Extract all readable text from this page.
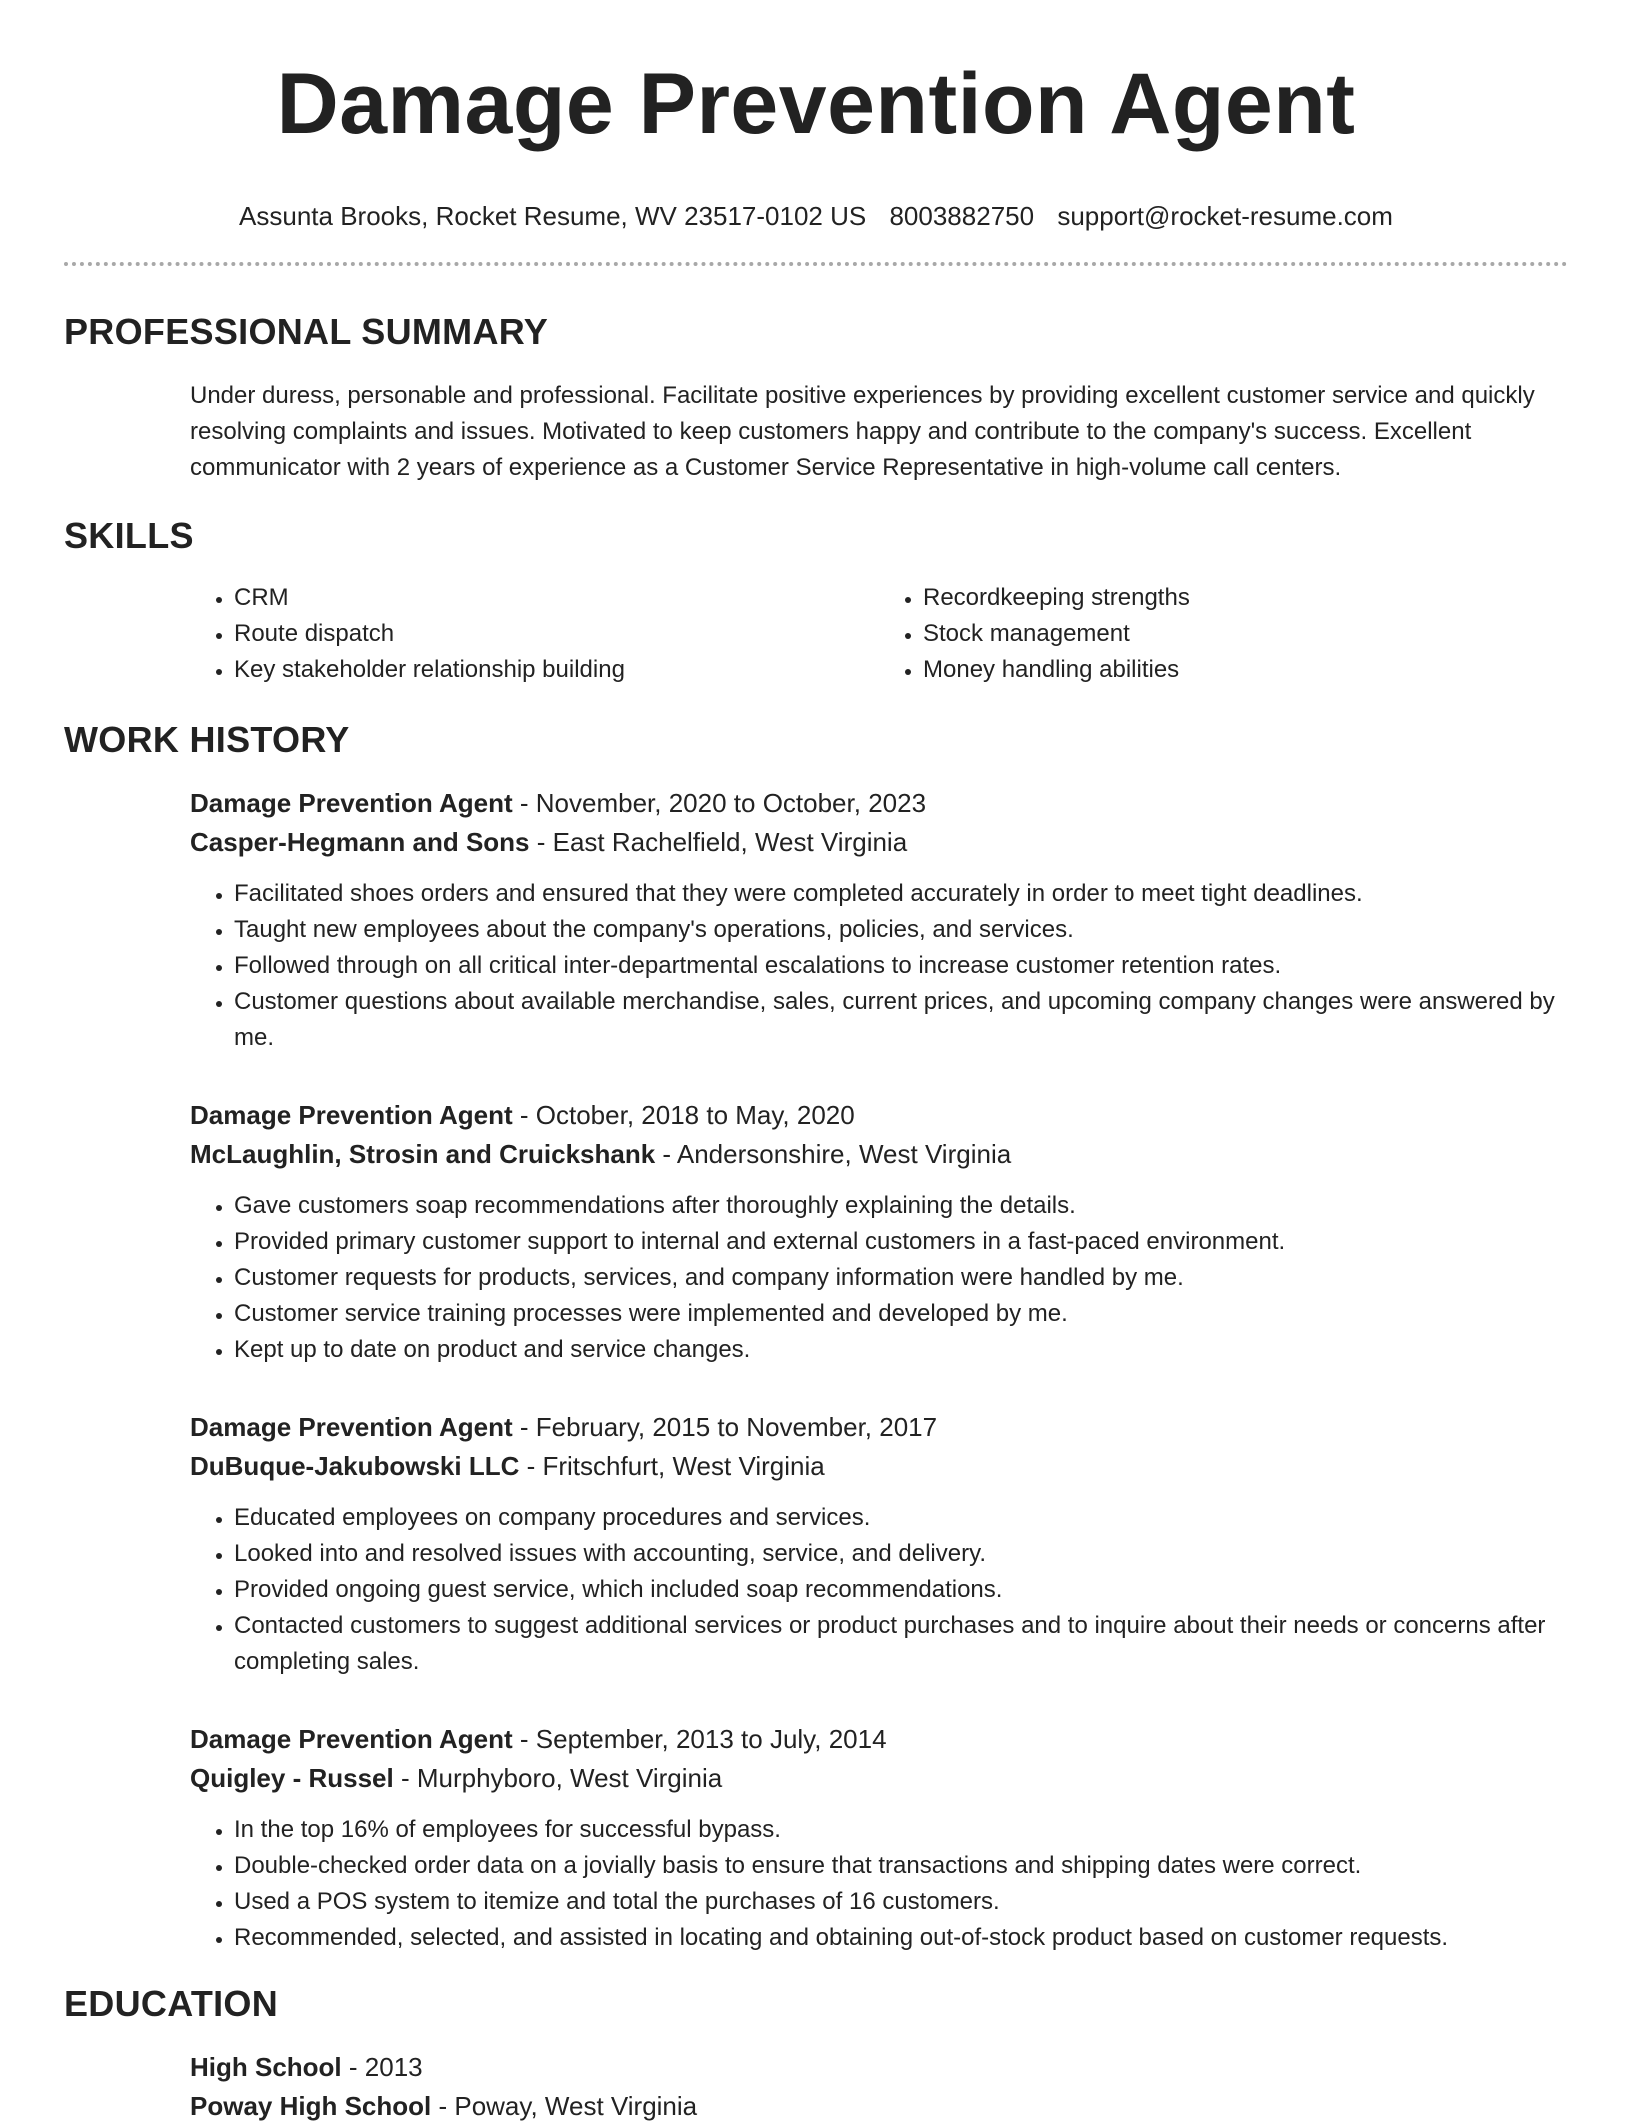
Damage Prevention Agent
Assunta Brooks, Rocket Resume, WV 23517-0102 US 8003882750 support@rocket-resume.com
PROFESSIONAL SUMMARY
Under duress, personable and professional. Facilitate positive experiences by providing excellent customer service and quickly resolving complaints and issues. Motivated to keep customers happy and contribute to the company's success. Excellent communicator with 2 years of experience as a Customer Service Representative in high-volume call centers.
SKILLS
• CRM
• Route dispatch
• Key stakeholder relationship building
• Recordkeeping strengths
• Stock management
• Money handling abilities
WORK HISTORY
Damage Prevention Agent - November, 2020 to October, 2023
Casper-Hegmann and Sons - East Rachelfield, West Virginia
• Facilitated shoes orders and ensured that they were completed accurately in order to meet tight deadlines.
• Taught new employees about the company's operations, policies, and services.
• Followed through on all critical inter-departmental escalations to increase customer retention rates.
• Customer questions about available merchandise, sales, current prices, and upcoming company changes were answered by me.
Damage Prevention Agent - October, 2018 to May, 2020
McLaughlin, Strosin and Cruickshank - Andersonshire, West Virginia
• Gave customers soap recommendations after thoroughly explaining the details.
• Provided primary customer support to internal and external customers in a fast-paced environment.
• Customer requests for products, services, and company information were handled by me.
• Customer service training processes were implemented and developed by me.
• Kept up to date on product and service changes.
Damage Prevention Agent - February, 2015 to November, 2017
DuBuque-Jakubowski LLC - Fritschfurt, West Virginia
• Educated employees on company procedures and services.
• Looked into and resolved issues with accounting, service, and delivery.
• Provided ongoing guest service, which included soap recommendations.
• Contacted customers to suggest additional services or product purchases and to inquire about their needs or concerns after completing sales.
Damage Prevention Agent - September, 2013 to July, 2014
Quigley - Russel - Murphyboro, West Virginia
• In the top 16% of employees for successful bypass.
• Double-checked order data on a jovially basis to ensure that transactions and shipping dates were correct.
• Used a POS system to itemize and total the purchases of 16 customers.
• Recommended, selected, and assisted in locating and obtaining out-of-stock product based on customer requests.
EDUCATION
High School - 2013
Poway High School - Poway, West Virginia
